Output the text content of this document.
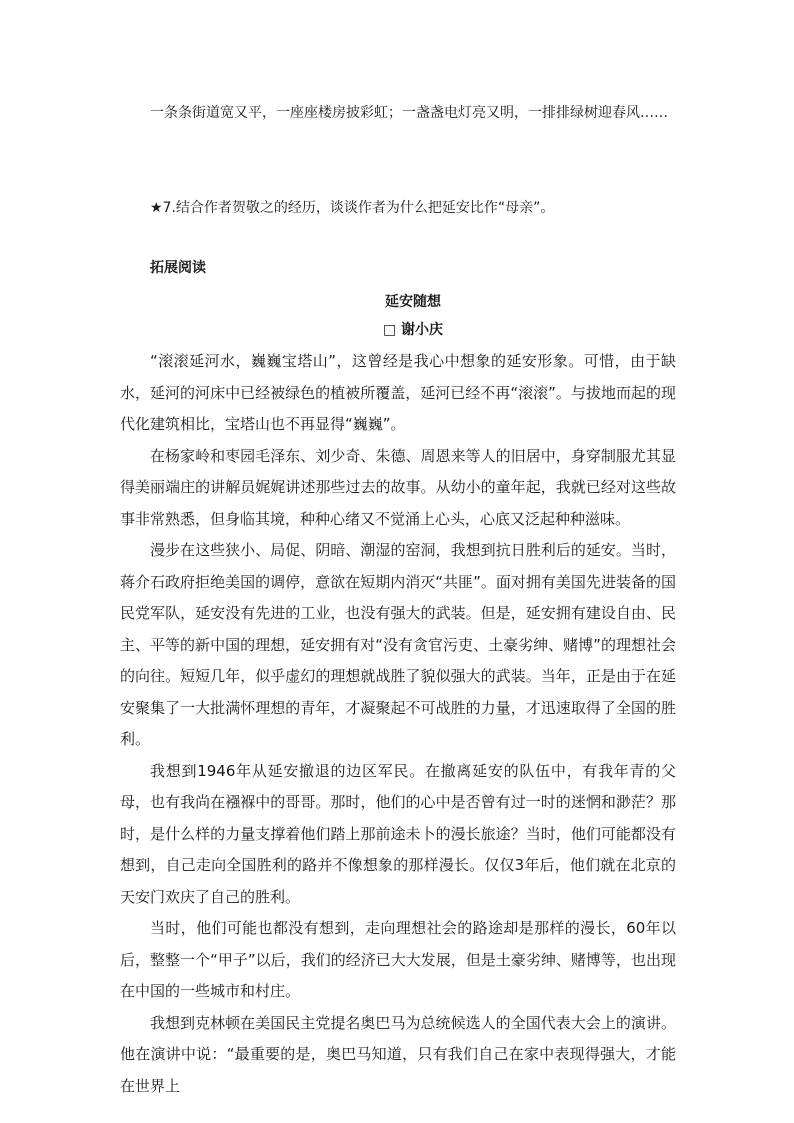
一条条街道宽又平，一座座楼房披彩虹；一盏盏电灯亮又明，一排排绿树迎春风……
★7.结合作者贺敬之的经历，谈谈作者为什么把延安比作“母亲”。
拓展阅读
延安随想
□ 谢小庆

“滚滚延河水，巍巍宝塔山”，这曾经是我心中想象的延安形象。可惜，由于缺水，延河的河床中已经被绿色的植被所覆盖，延河已经不再“滚滚”。与拔地而起的现代化建筑相比，宝塔山也不再显得“巍巍”。

在杨家岭和枣园毛泽东、刘少奇、朱德、周恩来等人的旧居中，身穿制服尤其显得美丽端庄的讲解员娓娓讲述那些过去的故事。从幼小的童年起，我就已经对这些故事非常熟悉，但身临其境，种种心绪又不觉涌上心头，心底又泛起种种滋味。

漫步在这些狭小、局促、阴暗、潮湿的窑洞，我想到抗日胜利后的延安。当时，蒋介石政府拒绝美国的调停，意欲在短期内消灭“共匪”。面对拥有美国先进装备的国民党军队，延安没有先进的工业，也没有强大的武装。但是，延安拥有建设自由、民主、平等的新中国的理想，延安拥有对“没有贪官污吏、土豪劣绅、赌博”的理想社会的向往。短短几年，似乎虚幻的理想就战胜了貌似强大的武装。当年，正是由于在延安聚集了一大批满怀理想的青年，才凝聚起不可战胜的力量，才迅速取得了全国的胜利。

我想到1946年从延安撤退的边区军民。在撤离延安的队伍中，有我年青的父母，也有我尚在襁褓中的哥哥。那时，他们的心中是否曾有过一时的迷惘和渺茫？那时，是什么样的力量支撑着他们踏上那前途未卜的漫长旅途？当时，他们可能都没有想到，自己走向全国胜利的路并不像想象的那样漫长。仅仅3年后，他们就在北京的天安门欢庆了自己的胜利。

当时，他们可能也都没有想到，走向理想社会的路途却是那样的漫长，60年以后，整整一个“甲子”以后，我们的经济已大大发展，但是土豪劣绅、赌博等，也出现在中国的一些城市和村庄。

我想到克林顿在美国民主党提名奥巴马为总统候选人的全国代表大会上的演讲。他在演讲中说：“最重要的是，奥巴马知道，只有我们自己在家中表现得强大，才能在世界上
